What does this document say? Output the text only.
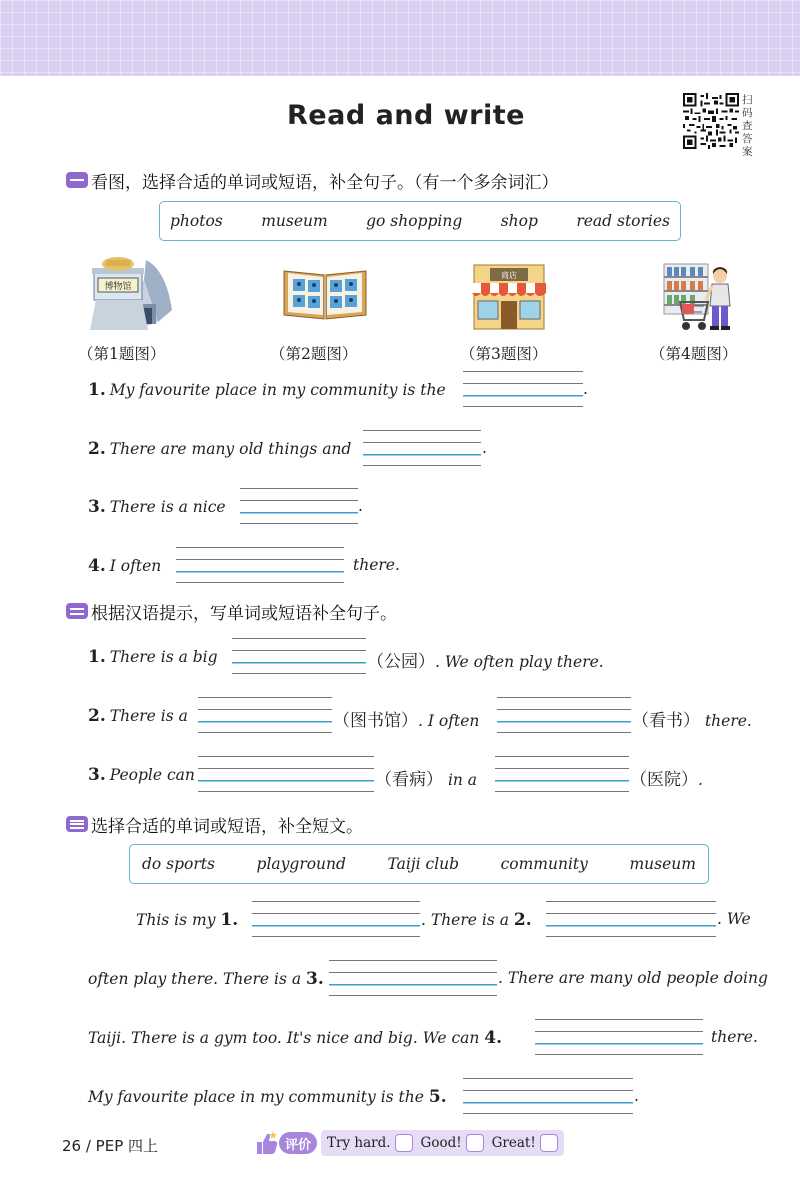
Read and write	扫码查答案
看图，选择合适的单词或短语，补全句子。（有一个多余词汇）
photos museum go shopping shop read stories
博物馆
商店
（第1题图）	（第2题图）	（第3题图）	（第4题图）
1. My favourite place in my community is the	.
2. There are many old things and	.
3. There is a nice	.
4. I often	there.
根据汉语提示，写单词或短语补全句子。
1. There is a big	（公园）. We often play there.
2. There is a	（图书馆）. I often	（看书） there.
3. People can	（看病） in a	（医院）.
选择合适的单词或短语，补全短文。
do sports	playground	Taiji club	community	museum
This is my 1.	. There is a 2.	. We
often play there. There is a 3.	. There are many old people doing
Taiji. There is a gym too. It's nice and big. We can 4.	there.
My favourite place in my community is the 5.	.
26 / PEP 四上	评价	Try hard. Good! Great!
